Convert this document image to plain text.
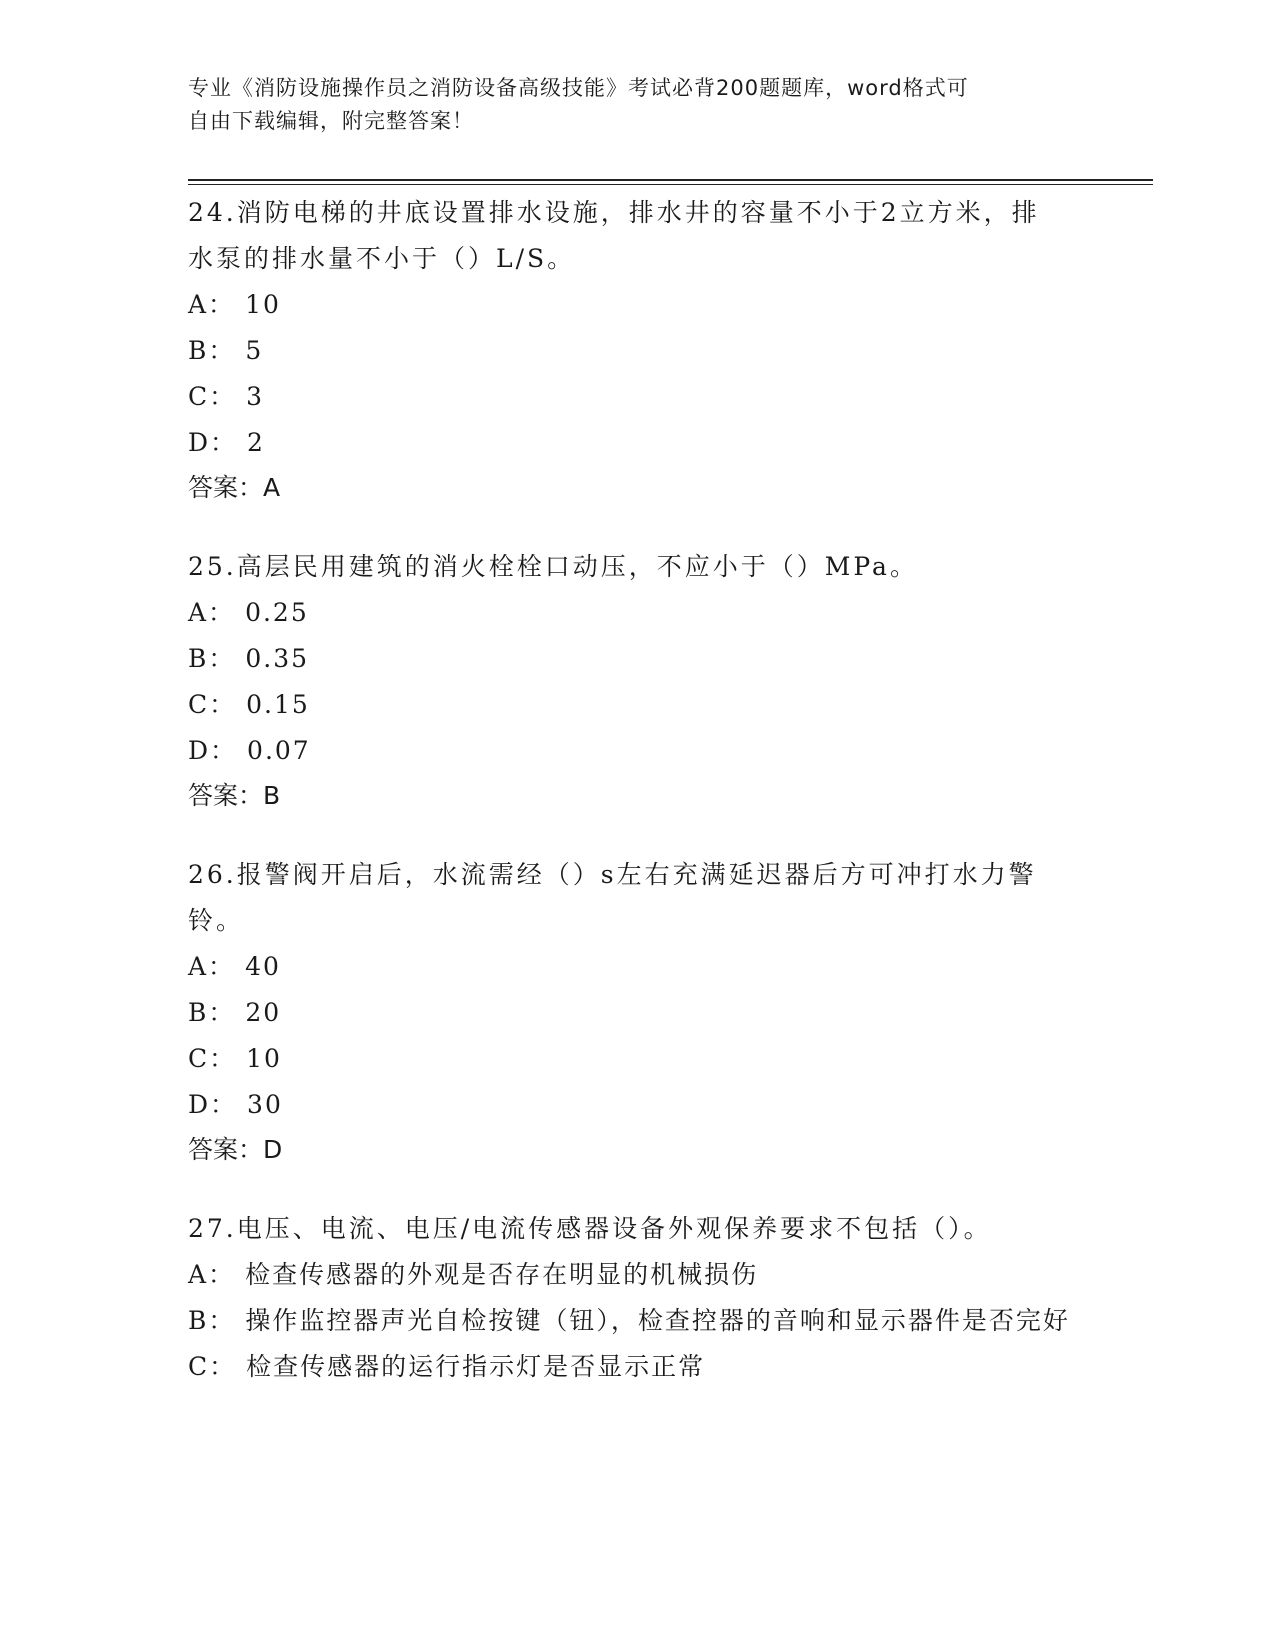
专业《消防设施操作员之消防设备高级技能》考试必背200题题库，word格式可
自由下载编辑，附完整答案！

24.消防电梯的井底设置排水设施，排水井的容量不小于2立方米，排
水泵的排水量不小于（）L/S。

A： 10

B： 5

C： 3

D： 2

答案：A

25.高层民用建筑的消火栓栓口动压，不应小于（）MPa。

A： 0.25

B： 0.35

C： 0.15

D： 0.07

答案：B

26.报警阀开启后，水流需经（）s左右充满延迟器后方可冲打水力警
铃。

A： 40

B： 20

C： 10

D： 30

答案：D

27.电压、电流、电压/电流传感器设备外观保养要求不包括（）。

A： 检查传感器的外观是否存在明显的机械损伤

B： 操作监控器声光自检按键（钮），检查控器的音响和显示器件是否完好

C： 检查传感器的运行指示灯是否显示正常
